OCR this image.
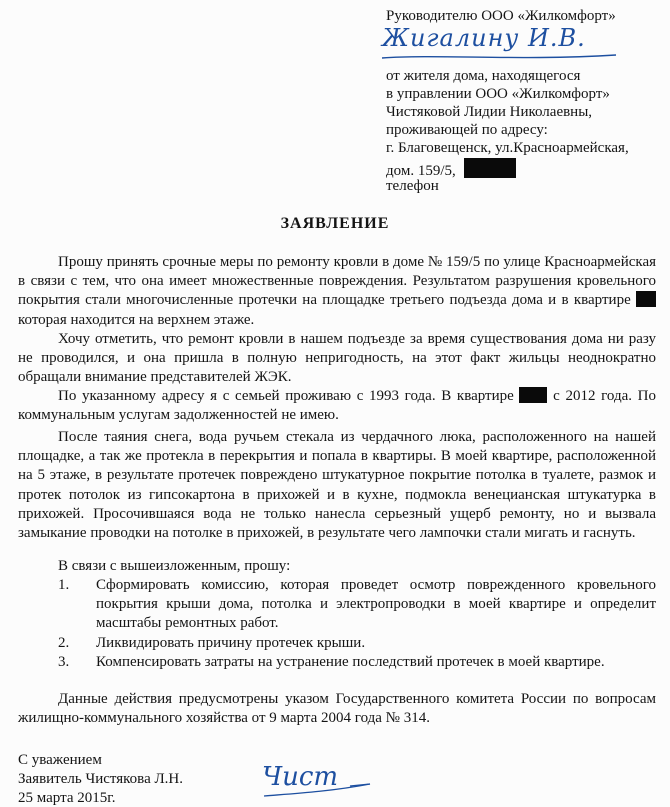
Руководителю ООО «Жилкомфорт»
Жигалину И.В.
от жителя дома, находящегося
в управлении ООО «Жилкомфорт»
Чистяковой Лидии Николаевны,
проживающей по адресу:
г. Благовещенск, ул.Красноармейская,
дом. 159/5,
телефон
ЗАЯВЛЕНИЕ
Прошу принять срочные меры по ремонту кровли в доме № 159/5 по улице Красноармейская в связи с тем, что она имеет множественные повреждения. Результатом разрушения кровельного покрытия стали многочисленные протечки на площадке третьего подъезда дома и в квартире  которая находится на верхнем этаже.
Хочу отметить, что ремонт кровли в нашем подъезде за время существования дома ни разу не проводился, и она пришла в полную непригодность, на этот факт жильцы неоднократно обращали внимание представителей ЖЭК.
По указанному адресу я с семьей проживаю с 1993 года. В квартире	с 2012 года. По коммунальным услугам задолженностей не имею.
После таяния снега, вода ручьем стекала из чердачного люка, расположенного на нашей площадке, а так же протекла в перекрытия и попала в квартиры. В моей квартире, расположенной на 5 этаже, в результате протечек повреждено штукатурное покрытие потолка в туалете, размок и протек потолок из гипсокартона в прихожей и в кухне, подмокла венецианская штукатурка в прихожей. Просочившаяся вода не только нанесла серьезный ущерб ремонту, но и вызвала замыкание проводки на потолке в прихожей, в результате чего лампочки стали мигать и гаснуть.
В связи с вышеизложенным, прошу:
1. Сформировать комиссию, которая проведет осмотр поврежденного кровельного покрытия крыши дома, потолка и электропроводки в моей квартире и определит масштабы ремонтных работ.
2. Ликвидировать причину протечек крыши.
3. Компенсировать затраты на устранение последствий протечек в моей квартире.
Данные действия предусмотрены указом Государственного комитета России по вопросам жилищно-коммунального хозяйства от 9 марта 2004 года № 314.
С уважением
Заявитель Чистякова Л.Н.
25 марта 2015г.
Чист
